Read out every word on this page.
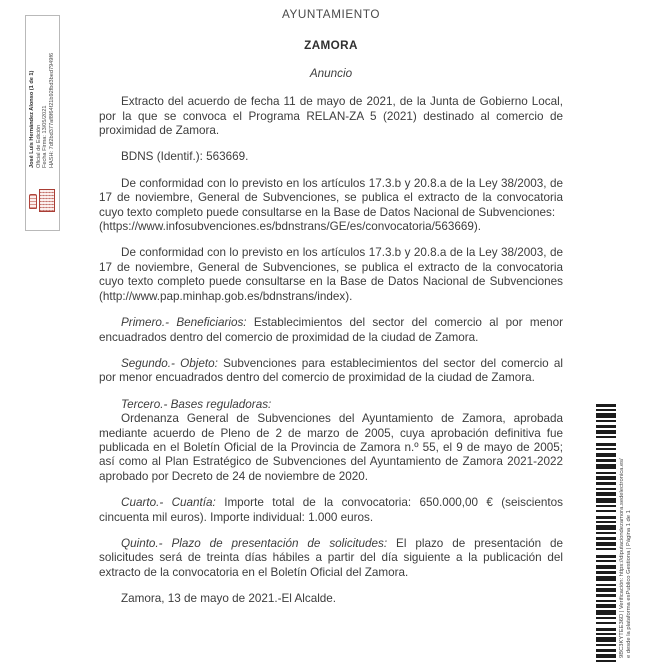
José Luis Hernández Alonso (1 de 1) Oficial de Edición Fecha Firma: 13/05/2021 HASH: 7df2bd377af8f64f21b92fbd3bed7949f6
AYUNTAMIENTO
ZAMORA
Anuncio
Extracto del acuerdo de fecha 11 de mayo de 2021, de la Junta de Gobierno Local, por la que se convoca el Programa RELAN-ZA 5 (2021) destinado al comercio de proximidad de Zamora.
BDNS (Identif.): 563669.
De conformidad con lo previsto en los artículos 17.3.b y 20.8.a de la Ley 38/2003, de 17 de noviembre, General de Subvenciones, se publica el extracto de la convocatoria cuyo texto completo puede consultarse en la Base de Datos Nacional de Subvenciones:
(https://www.infosubvenciones.es/bdnstrans/GE/es/convocatoria/563669).
De conformidad con lo previsto en los artículos 17.3.b y 20.8.a de la Ley 38/2003, de 17 de noviembre, General de Subvenciones, se publica el extracto de la convocatoria cuyo texto completo puede consultarse en la Base de Datos Nacional de Subvenciones (http://www.pap.minhap.gob.es/bdnstrans/index).
Primero.- Beneficiarios: Establecimientos del sector del comercio al por menor encuadrados dentro del comercio de proximidad de la ciudad de Zamora.
Segundo.- Objeto: Subvenciones para establecimientos del sector del comercio al por menor encuadrados dentro del comercio de proximidad de la ciudad de Zamora.
Tercero.- Bases reguladoras:
Ordenanza General de Subvenciones del Ayuntamiento de Zamora, aprobada mediante acuerdo de Pleno de 2 de marzo de 2005, cuya aprobación definitiva fue publicada en el Boletín Oficial de la Provincia de Zamora n.º 55, el 9 de mayo de 2005; así como al Plan Estratégico de Subvenciones del Ayuntamiento de Zamora 2021-2022 aprobado por Decreto de 24 de noviembre de 2020.
Cuarto.- Cuantía: Importe total de la convocatoria: 650.000,00 € (seiscientos cincuenta mil euros). Importe individual: 1.000 euros.
Quinto.- Plazo de presentación de solicitudes: El plazo de presentación de solicitudes será de treinta días hábiles a partir del día siguiente a la publicación del extracto de la convocatoria en el Boletín Oficial del Zamora.
Zamora, 13 de mayo de 2021.-El Alcalde.	9BC3KYTEE36D | Verificación: https://diputaciondezamora.sedelectronica.es/ e desde la plataforma esPublico Gestiona | Página 1 de 1
